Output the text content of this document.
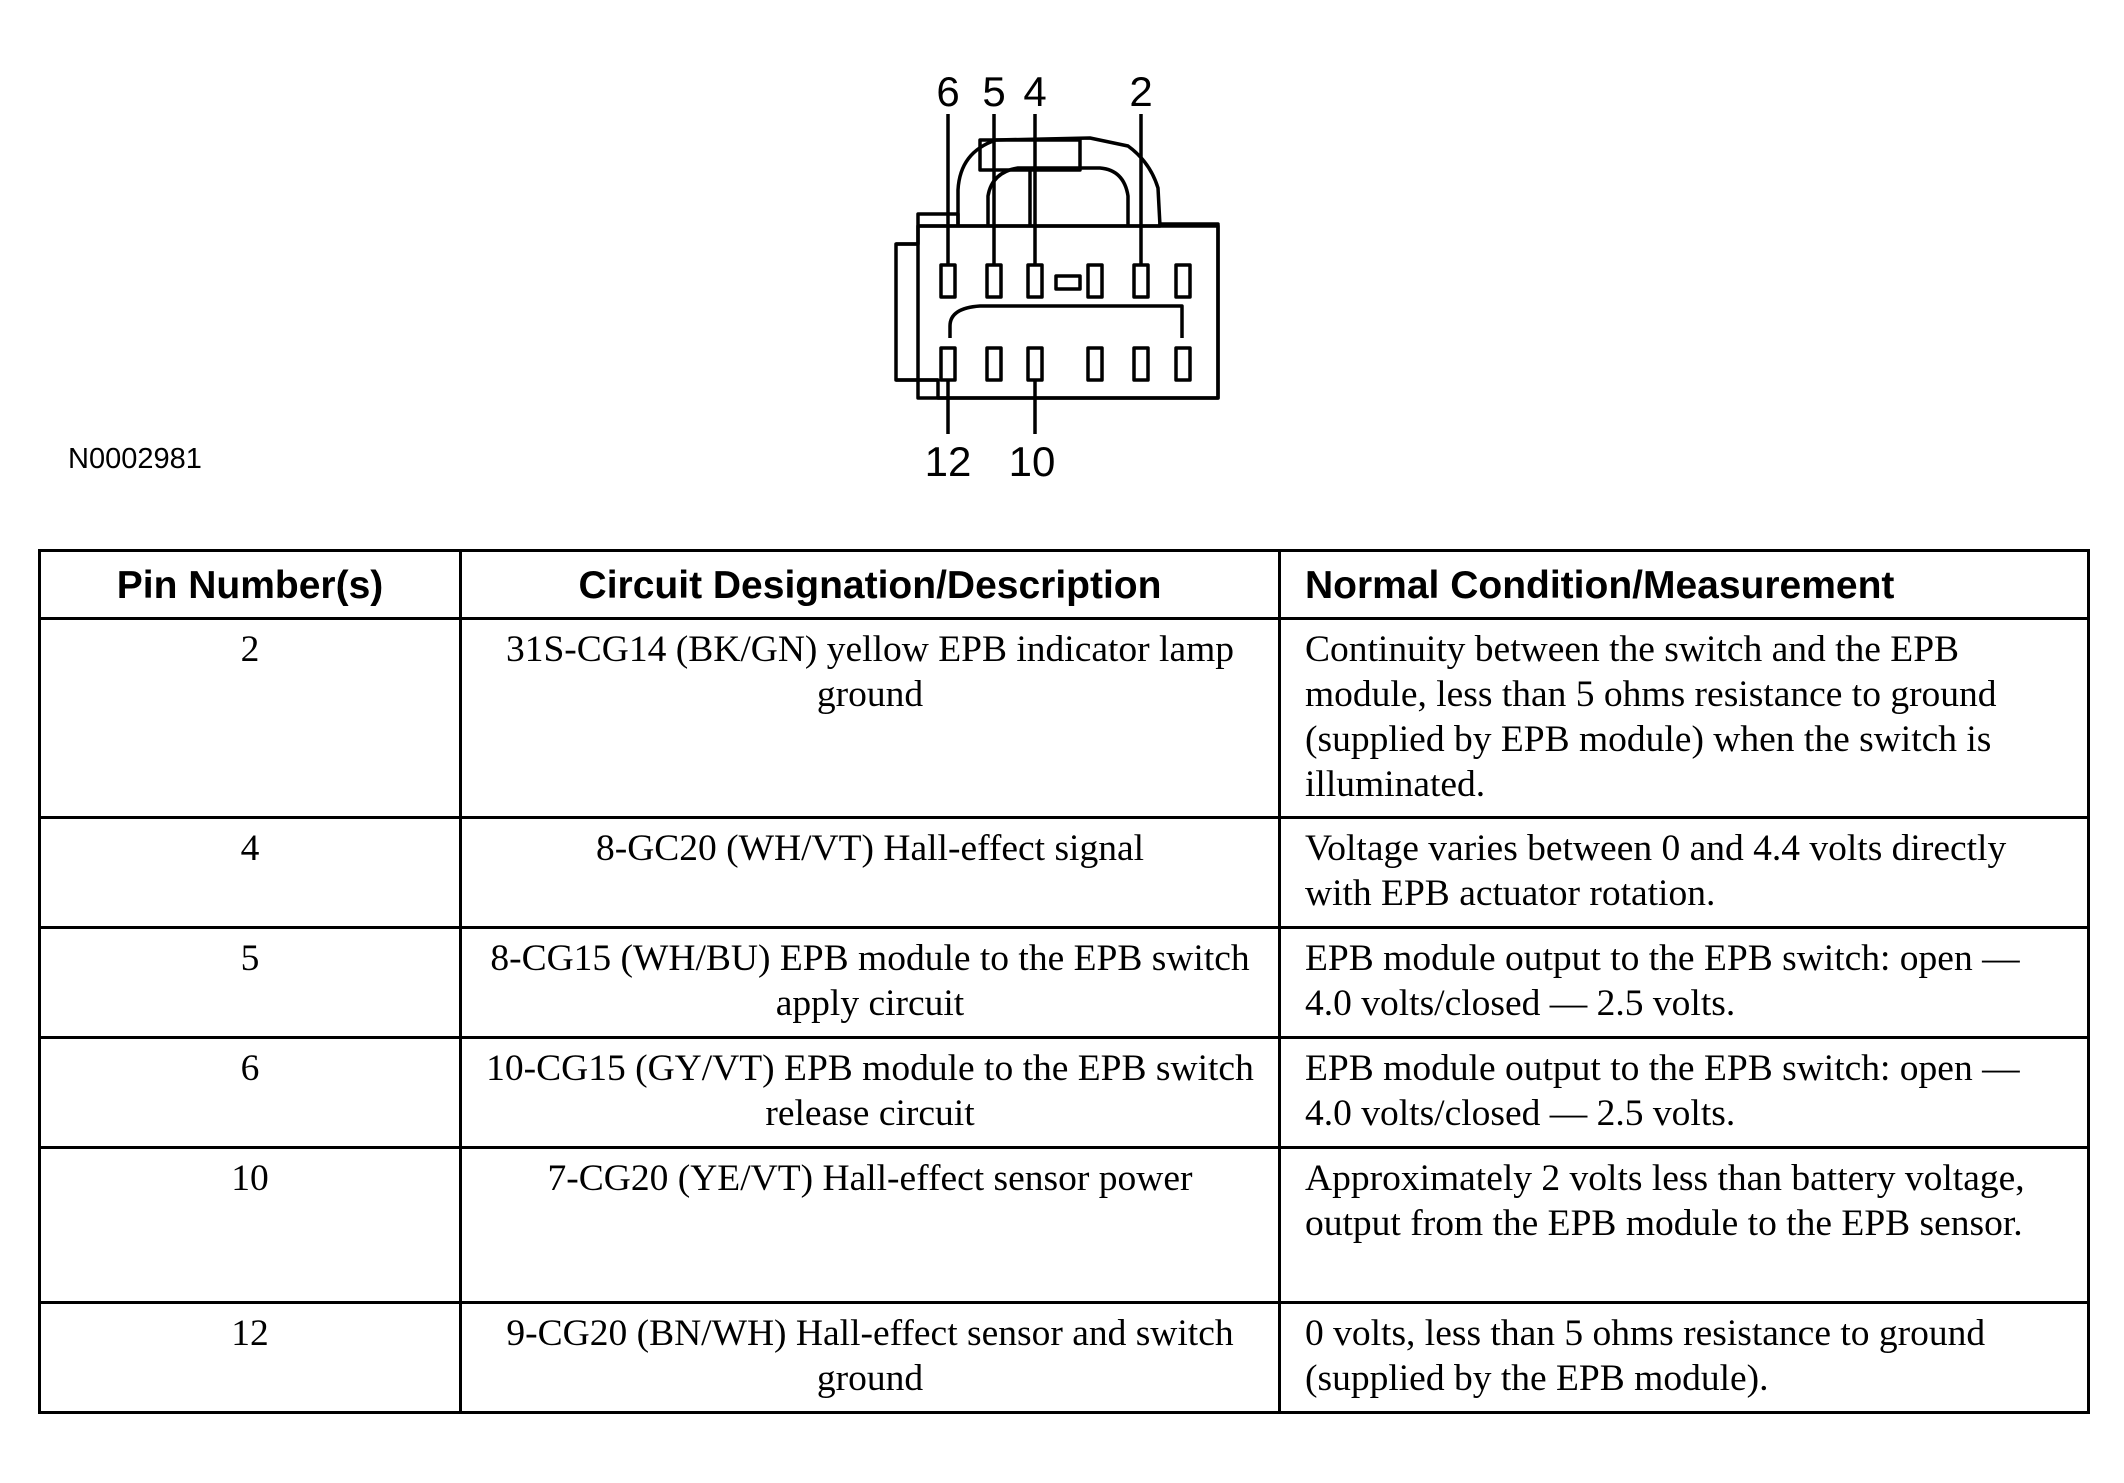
6 5 4 2
12 10
N0002981
Pin Number(s)	Circuit Designation/Description	Normal Condition/Measurement
2	31S-CG14 (BK/GN) yellow EPB indicator lamp ground	Continuity between the switch and the EPB module, less than 5 ohms resistance to ground (supplied by EPB module) when the switch is illuminated.
4	8-GC20 (WH/VT) Hall-effect signal	Voltage varies between 0 and 4.4 volts directly with EPB actuator rotation.
5	8-CG15 (WH/BU) EPB module to the EPB switch apply circuit	EPB module output to the EPB switch: open — 4.0 volts/closed — 2.5 volts.
6	10-CG15 (GY/VT) EPB module to the EPB switch release circuit	EPB module output to the EPB switch: open — 4.0 volts/closed — 2.5 volts.
10	7-CG20 (YE/VT) Hall-effect sensor power	Approximately 2 volts less than battery voltage, output from the EPB module to the EPB sensor.
12	9-CG20 (BN/WH) Hall-effect sensor and switch ground	0 volts, less than 5 ohms resistance to ground (supplied by the EPB module).
